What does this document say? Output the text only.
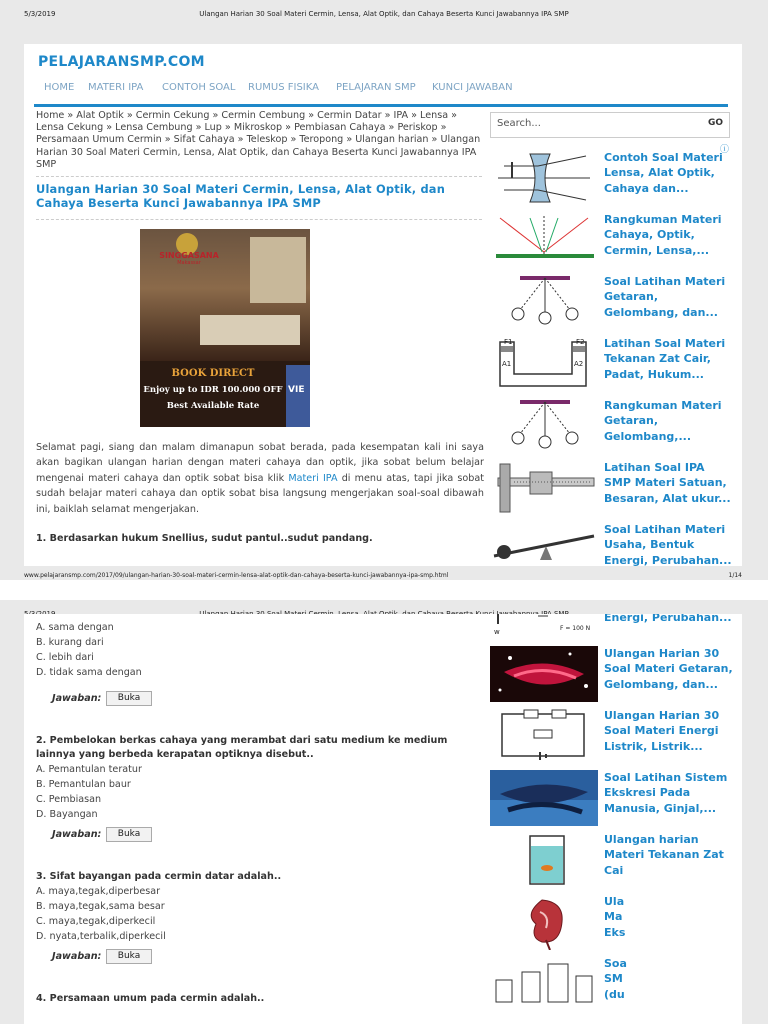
5/3/2019	Ulangan Harian 30 Soal Materi Cermin, Lensa, Alat Optik, dan Cahaya Beserta Kunci Jawabannya IPA SMP
PELAJARANSMP.COM
HOME MATERI IPA CONTOH SOAL RUMUS FISIKA PELAJARAN SMP KUNCI JAWABAN
Home » Alat Optik » Cermin Cekung » Cermin Cembung » Cermin Datar » IPA » Lensa » Lensa Cekung » Lensa Cembung » Lup » Mikroskop » Pembiasan Cahaya » Periskop » Persamaan Umum Cermin » Sifat Cahaya » Teleskop » Teropong » Ulangan harian » Ulangan Harian 30 Soal Materi Cermin, Lensa, Alat Optik, dan Cahaya Beserta Kunci Jawabannya IPA SMP
Search...	GO
ⓘ
Ulangan Harian 30 Soal Materi Cermin, Lensa, Alat Optik, dan Cahaya Beserta Kunci Jawabannya IPA SMP
SINGGASANA
Makassar
BOOK DIRECT
Enjoy up to IDR 100.000 OFF
Best Available Rate
VIE
Selamat pagi, siang dan malam dimanapun sobat berada, pada kesempatan kali ini saya akan bagikan ulangan harian dengan materi cahaya dan optik, jika sobat belum belajar mengenai materi cahaya dan optik sobat bisa klik Materi IPA di menu atas, tapi jika sobat sudah belajar materi cahaya dan optik sobat bisa langsung mengerjakan soal-soal dibawah ini, baiklah selamat mengerjakan.
1. Berdasarkan hukum Snellius, sudut pantul..sudut pandang.
Contoh Soal Materi Lensa, Alat Optik, Cahaya dan...
Rangkuman Materi Cahaya, Optik, Cermin, Lensa,...
Soal Latihan Materi Getaran, Gelombang, dan...
F1	F2
A1	A2
Latihan Soal Materi Tekanan Zat Cair, Padat, Hukum...
Rangkuman Materi Getaran, Gelombang,...
Latihan Soal IPA SMP Materi Satuan, Besaran, Alat ukur...
Soal Latihan Materi Usaha, Bentuk Energi, Perubahan...
www.pelajaransmp.com/2017/09/ulangan-harian-30-soal-materi-cermin-lensa-alat-optik-dan-cahaya-beserta-kunci-jawabannya-ipa-smp.html	1/14
A. sama dengan
B. kurang dari
C. lebih dari
D. tidak sama dengan
Jawaban:	Buka
2. Pembelokan berkas cahaya yang merambat dari satu medium ke medium lainnya yang berbeda kerapatan optiknya disebut..
A. Pemantulan teratur
B. Pemantulan baur
C. Pembiasan
D. Bayangan
Jawaban:	Buka
3. Sifat bayangan pada cermin datar adalah..
A. maya,tegak,diperbesar
B. maya,tegak,sama besar
C. maya,tegak,diperkecil
D. nyata,terbalik,diperkecil
Jawaban:	Buka
4. Persamaan umum pada cermin adalah..
w	F = 100 N
Energi, Perubahan...
Ulangan Harian 30 Soal Materi Getaran, Gelombang, dan...
Ulangan Harian 30 Soal Materi Energi Listrik, Listrik...
Soal Latihan Sistem Ekskresi Pada Manusia, Ginjal,...
Ulangan harian Materi Tekanan Zat Cai
Ula Ma Eks
Soa SM (du
